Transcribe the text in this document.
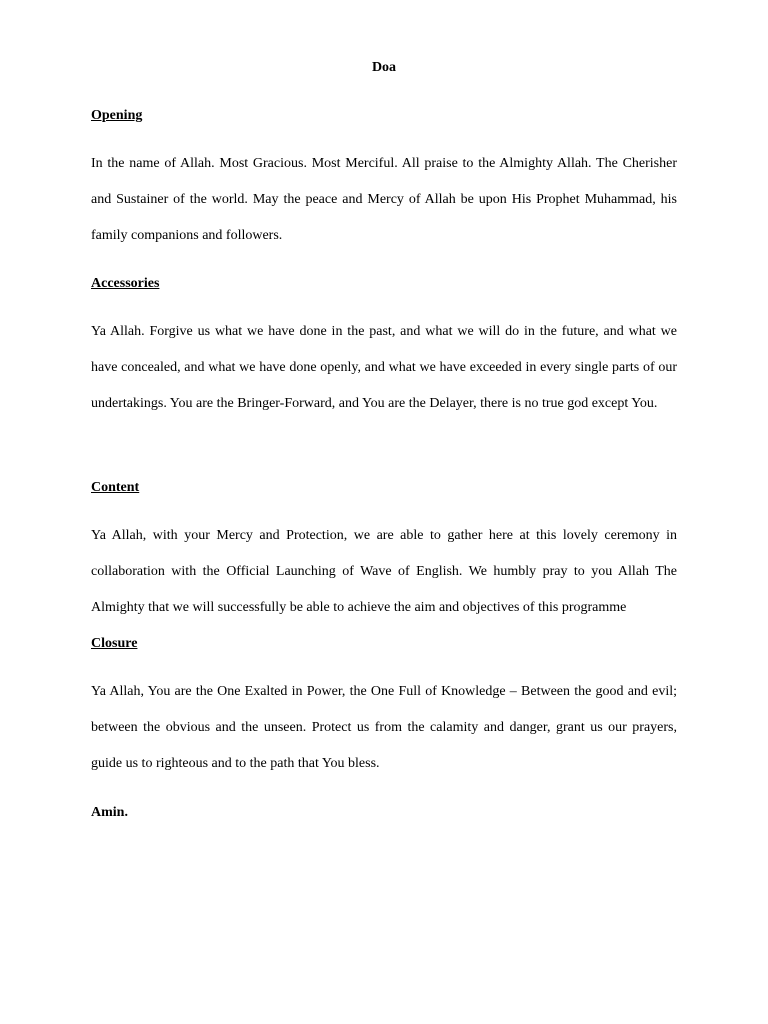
Doa
Opening
In the name of Allah. Most Gracious. Most Merciful. All praise to the Almighty Allah. The Cherisher and Sustainer of the world. May the peace and Mercy of Allah be upon His Prophet Muhammad, his family companions and followers.
Accessories
Ya Allah. Forgive us what we have done in the past, and what we will do in the future, and what we have concealed, and what we have done openly, and what we have exceeded in every single parts of our undertakings. You are the Bringer-Forward, and You are the Delayer, there is no true god except You.
Content
Ya Allah, with your Mercy and Protection, we are able to gather here at this lovely ceremony in collaboration with the Official Launching of Wave of English. We humbly pray to you Allah The Almighty that we will successfully be able to achieve the aim and objectives of this programme
Closure
Ya Allah, You are the One Exalted in Power, the One Full of Knowledge – Between the good and evil; between the obvious and the unseen. Protect us from the calamity and danger, grant us our prayers, guide us to righteous and to the path that You bless.
Amin.
